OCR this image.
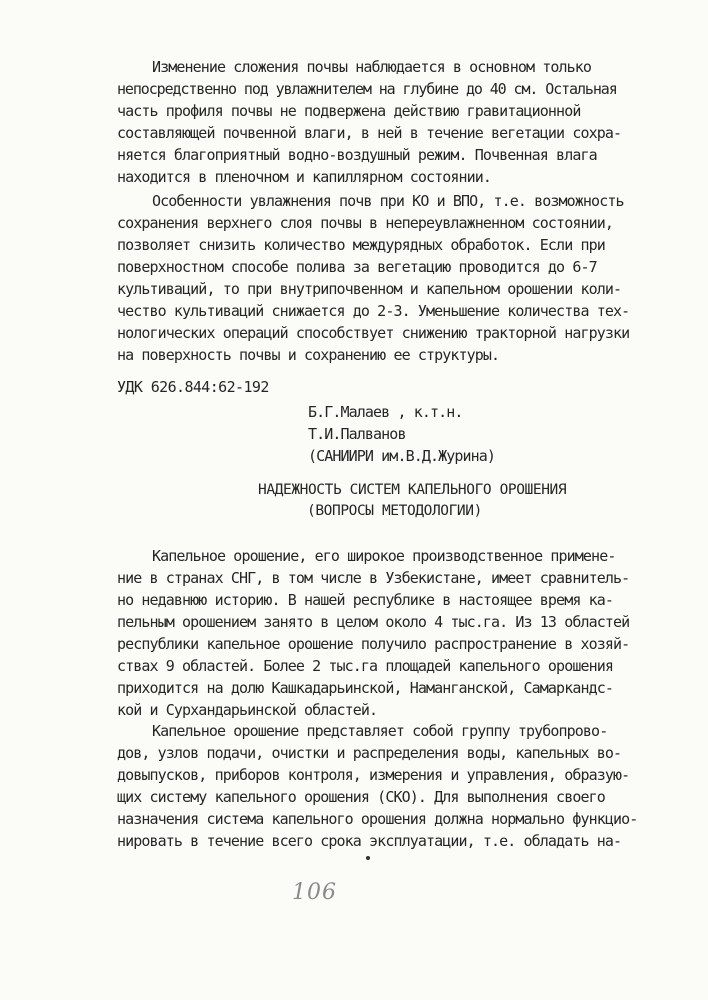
Изменение сложения почвы наблюдается в основном только
непосредственно под увлажнителем на глубине до 40 см. Остальная
часть профиля почвы не подвержена действию гравитационной
составляющей почвенной влаги, в ней в течение вегетации сохра-
няется благоприятный водно-воздушный режим. Почвенная влага
находится в пленочном и капиллярном состоянии.
Особенности увлажнения почв при КО и ВПО, т.е. возможность
сохранения верхнего слоя почвы в непереувлажненном состоянии,
позволяет снизить количество междурядных обработок. Если при
поверхностном способе полива за вегетацию проводится до 6-7
культиваций, то при внутрипочвенном и капельном орошении коли-
чество культиваций снижается до 2-3. Уменьшение количества тех-
нологических операций способствует снижению тракторной нагрузки
на поверхность почвы и сохранению ее структуры.
УДК 626.844:62-192
Б.Г.Малаев , к.т.н.
Т.И.Палванов
(САНИИРИ им.В.Д.Журина)
НАДЕЖНОСТЬ СИСТЕМ КАПЕЛЬНОГО ОРОШЕНИЯ
(ВОПРОСЫ МЕТОДОЛОГИИ)
Капельное орошение, его широкое производственное примене-
ние в странах СНГ, в том числе в Узбекистане, имеет сравнитель-
но недавнюю историю. В нашей республике в настоящее время ка-
пельным орошением занято в целом около 4 тыс.га. Из 13 областей
республики капельное орошение получило распространение в хозяй-
ствах 9 областей. Более 2 тыс.га площадей капельного орошения
приходится на долю Кашкадарьинской, Наманганской, Самаркандс-
кой и Сурхандарьинской областей.
Капельное орошение представляет собой группу трубопрово-
дов, узлов подачи, очистки и распределения воды, капельных во-
довыпусков, приборов контроля, измерения и управления, образую-
щих систему капельного орошения (СКО). Для выполнения своего
назначения система капельного орошения должна нормально функцио-
нировать в течение всего срока эксплуатации, т.е. обладать на-
106
